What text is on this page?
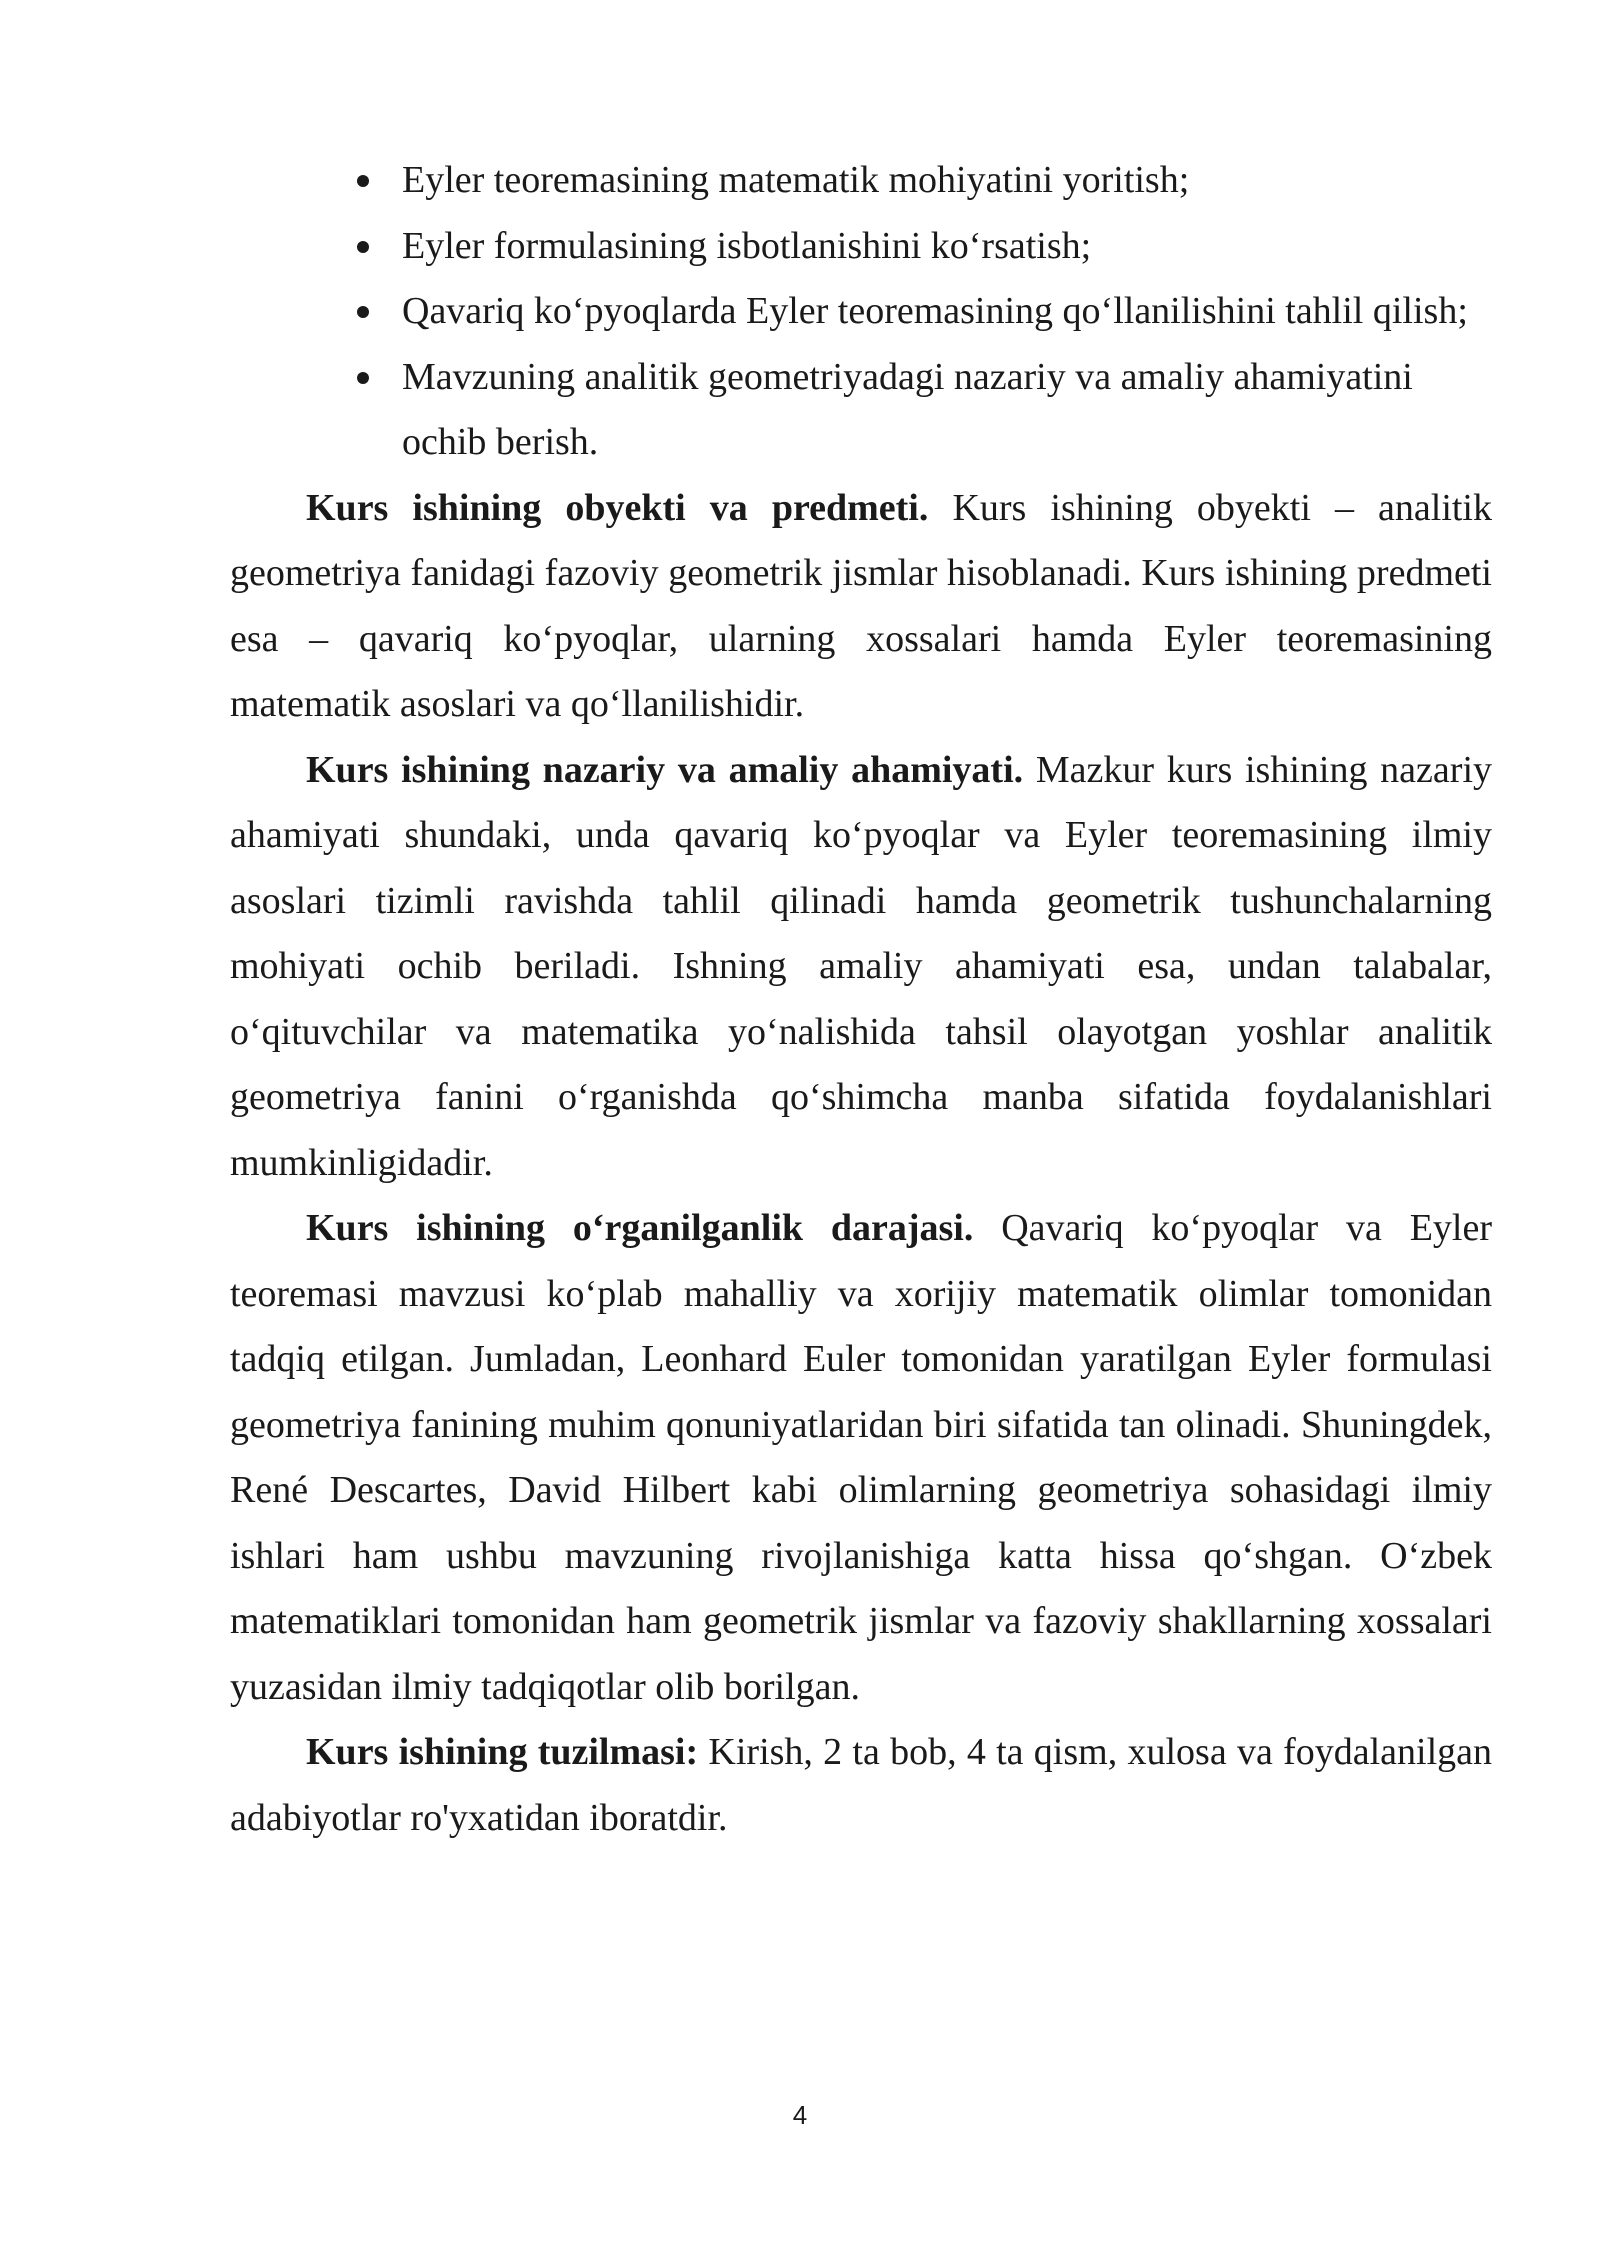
Eyler teoremasining matematik mohiyatini yoritish;
Eyler formulasining isbotlanishini ko‘rsatish;
Qavariq ko‘pyoqlarda Eyler teoremasining qo‘llanilishini tahlil qilish;
Mavzuning analitik geometriyadagi nazariy va amaliy ahamiyatini ochib berish.

Kurs ishining obyekti va predmeti. Kurs ishining obyekti – analitik geometriya fanidagi fazoviy geometrik jismlar hisoblanadi. Kurs ishining predmeti esa – qavariq ko‘pyoqlar, ularning xossalari hamda Eyler teoremasining matematik asoslari va qo‘llanilishidir.

Kurs ishining nazariy va amaliy ahamiyati. Mazkur kurs ishining nazariy ahamiyati shundaki, unda qavariq ko‘pyoqlar va Eyler teoremasining ilmiy asoslari tizimli ravishda tahlil qilinadi hamda geometrik tushunchalarning mohiyati ochib beriladi. Ishning amaliy ahamiyati esa, undan talabalar, o‘qituvchilar va matematika yo‘nalishida tahsil olayotgan yoshlar analitik geometriya fanini o‘rganishda qo‘shimcha manba sifatida foydalanishlari mumkinligidadir.

Kurs ishining o‘rganilganlik darajasi. Qavariq ko‘pyoqlar va Eyler teoremasi mavzusi ko‘plab mahalliy va xorijiy matematik olimlar tomonidan tadqiq etilgan. Jumladan, Leonhard Euler tomonidan yaratilgan Eyler formulasi geometriya fanining muhim qonuniyatlaridan biri sifatida tan olinadi. Shuningdek, René Descartes, David Hilbert kabi olimlarning geometriya sohasidagi ilmiy ishlari ham ushbu mavzuning rivojlanishiga katta hissa qo‘shgan. O‘zbek matematiklari tomonidan ham geometrik jismlar va fazoviy shakllarning xossalari yuzasidan ilmiy tadqiqotlar olib borilgan.

Kurs ishining tuzilmasi: Kirish, 2 ta bob, 4 ta qism, xulosa va foydalanilgan adabiyotlar ro'yxatidan iboratdir.

4
